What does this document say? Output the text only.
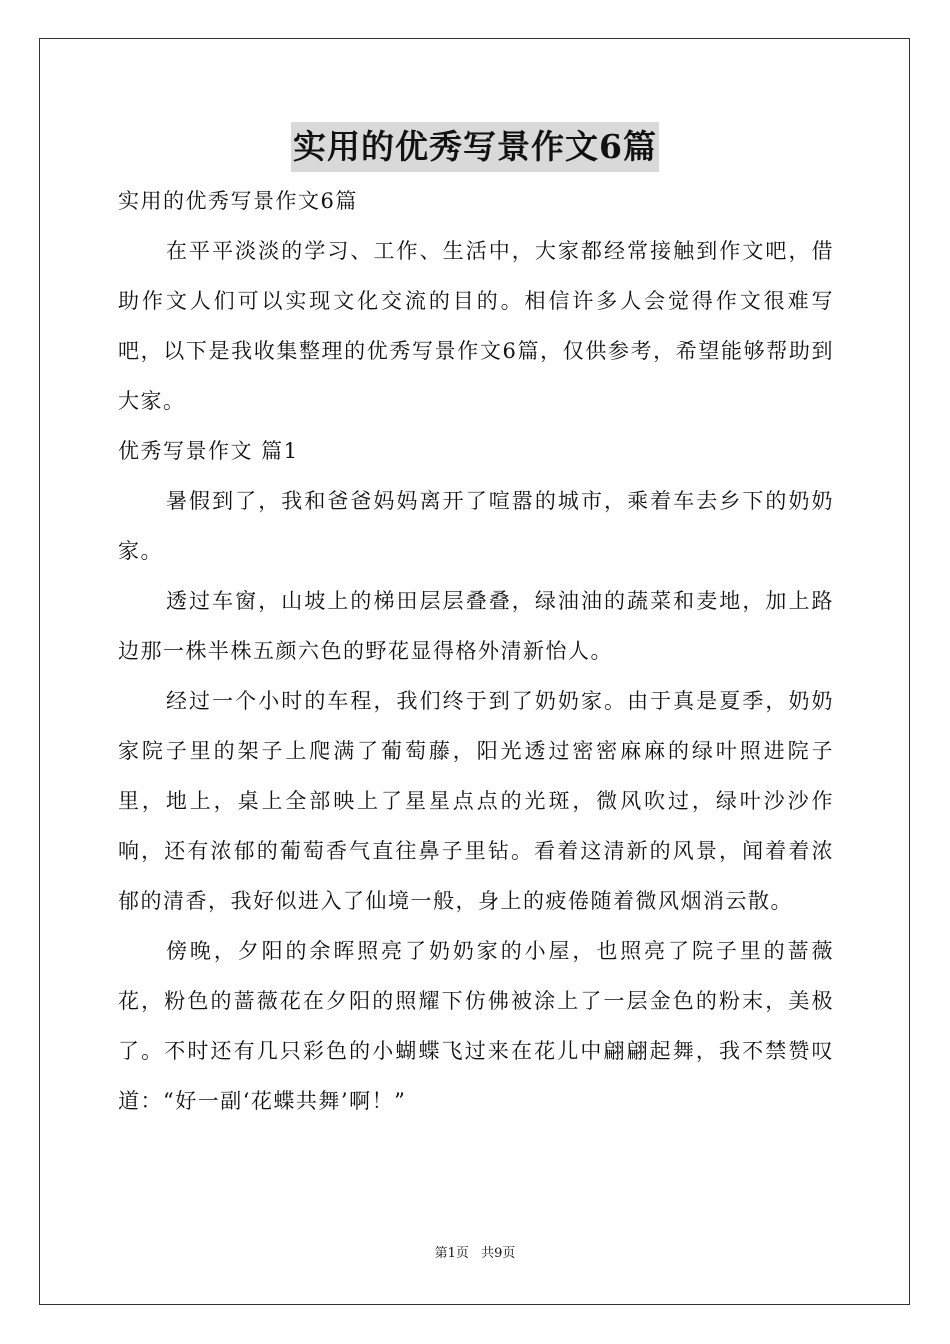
实用的优秀写景作文6篇

实用的优秀写景作文6篇

在平平淡淡的学习、工作、生活中，大家都经常接触到作文吧，借助作文人们可以实现文化交流的目的。相信许多人会觉得作文很难写吧，以下是我收集整理的优秀写景作文6篇，仅供参考，希望能够帮助到大家。

优秀写景作文 篇1

暑假到了，我和爸爸妈妈离开了喧嚣的城市，乘着车去乡下的奶奶家。

透过车窗，山坡上的梯田层层叠叠，绿油油的蔬菜和麦地，加上路边那一株半株五颜六色的野花显得格外清新怡人。

经过一个小时的车程，我们终于到了奶奶家。由于真是夏季，奶奶家院子里的架子上爬满了葡萄藤，阳光透过密密麻麻的绿叶照进院子里，地上，桌上全部映上了星星点点的光斑，微风吹过，绿叶沙沙作响，还有浓郁的葡萄香气直往鼻子里钻。看着这清新的风景，闻着着浓郁的清香，我好似进入了仙境一般，身上的疲倦随着微风烟消云散。

傍晚，夕阳的余晖照亮了奶奶家的小屋，也照亮了院子里的蔷薇花，粉色的蔷薇花在夕阳的照耀下仿佛被涂上了一层金色的粉末，美极了。不时还有几只彩色的小蝴蝶飞过来在花儿中翩翩起舞，我不禁赞叹道：“好一副‘花蝶共舞’啊！”

第1页 共9页
